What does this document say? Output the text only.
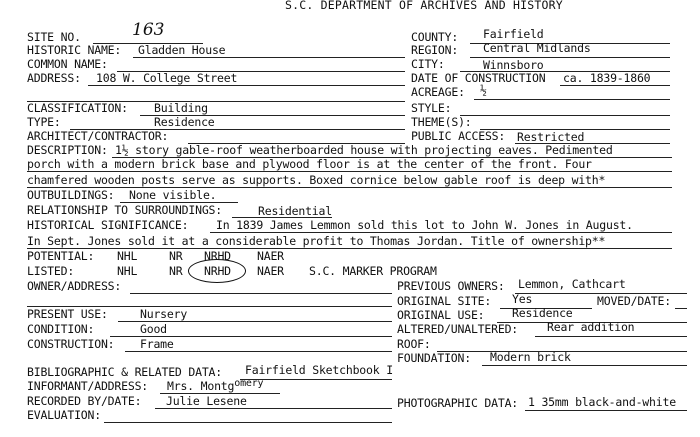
S.C. DEPARTMENT OF ARCHIVES AND HISTORY
SITE NO.	163
HISTORIC NAME: Gladden House
COMMON NAME:
ADDRESS: 108 W. College Street
CLASSIFICATION: Building
TYPE:	Residence
ARCHITECT/CONTRACTOR:
COUNTY: Fairfield
REGION: Central Midlands
CITY:	Winnsboro
DATE OF CONSTRUCTION ca. 1839-1860
ACREAGE: ½
STYLE:
THEME(S):
PUBLIC ACCESS: Restricted
DESCRIPTION: 1½ story gable-roof weatherboarded house with projecting eaves. Pedimented
porch with a modern brick base and plywood floor is at the center of the front. Four
chamfered wooden posts serve as supports. Boxed cornice below gable roof is deep with*
OUTBUILDINGS: None visible.
RELATIONSHIP TO SURROUNDINGS:	Residential
HISTORICAL SIGNIFICANCE: In 1839 James Lemmon sold this lot to John W. Jones in August.
In Sept. Jones sold it at a considerable profit to Thomas Jordan. Title of ownership**
POTENTIAL: NHL	NR NRHD NAER
LISTED:	NHL	NR NRHD NAER S.C. MARKER PROGRAM
OWNER/ADDRESS:	PREVIOUS OWNERS: Lemmon, Cathcart
ORIGINAL SITE: Yes	MOVED/DATE:
ORIGINAL USE: Residence
PRESENT USE:	Nursery
CONDITION:	Good
CONSTRUCTION: Frame
ALTERED/UNALTERED:	Rear addition
ROOF:
FOUNDATION: Modern brick
BIBLIOGRAPHIC & RELATED DATA: Fairfield Sketchbook I
INFORMANT/ADDRESS: Mrs. Montgomery
RECORDED BY/DATE: Julie Lesene	PHOTOGRAPHIC DATA: 1 35mm black-and-white
EVALUATION:
